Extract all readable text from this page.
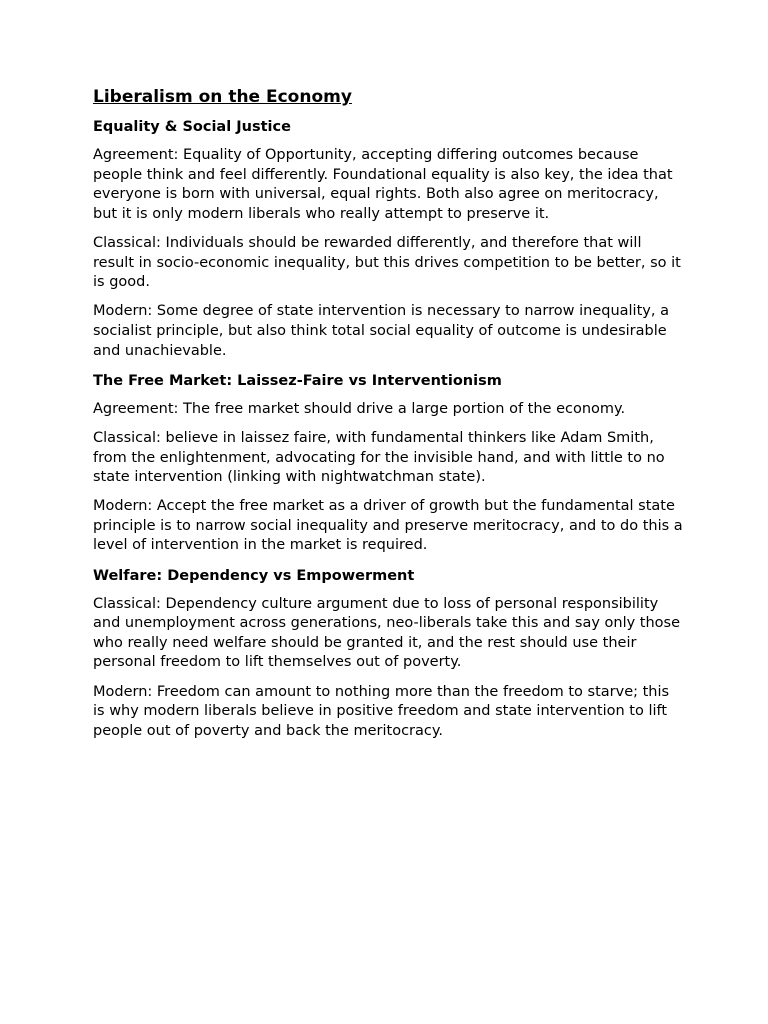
Liberalism on the Economy
Equality & Social Justice

Agreement: Equality of Opportunity, accepting differing outcomes because people think and feel differently. Foundational equality is also key, the idea that everyone is born with universal, equal rights. Both also agree on meritocracy, but it is only modern liberals who really attempt to preserve it.

Classical: Individuals should be rewarded differently, and therefore that will result in socio-economic inequality, but this drives competition to be better, so it is good.

Modern: Some degree of state intervention is necessary to narrow inequality, a socialist principle, but also think total social equality of outcome is undesirable and unachievable.

The Free Market: Laissez-Faire vs Interventionism

Agreement: The free market should drive a large portion of the economy.

Classical: believe in laissez faire, with fundamental thinkers like Adam Smith, from the enlightenment, advocating for the invisible hand, and with little to no state intervention (linking with nightwatchman state).

Modern: Accept the free market as a driver of growth but the fundamental state principle is to narrow social inequality and preserve meritocracy, and to do this a level of intervention in the market is required.

Welfare: Dependency vs Empowerment

Classical: Dependency culture argument due to loss of personal responsibility and unemployment across generations, neo-liberals take this and say only those who really need welfare should be granted it, and the rest should use their personal freedom to lift themselves out of poverty.

Modern: Freedom can amount to nothing more than the freedom to starve; this is why modern liberals believe in positive freedom and state intervention to lift people out of poverty and back the meritocracy.
